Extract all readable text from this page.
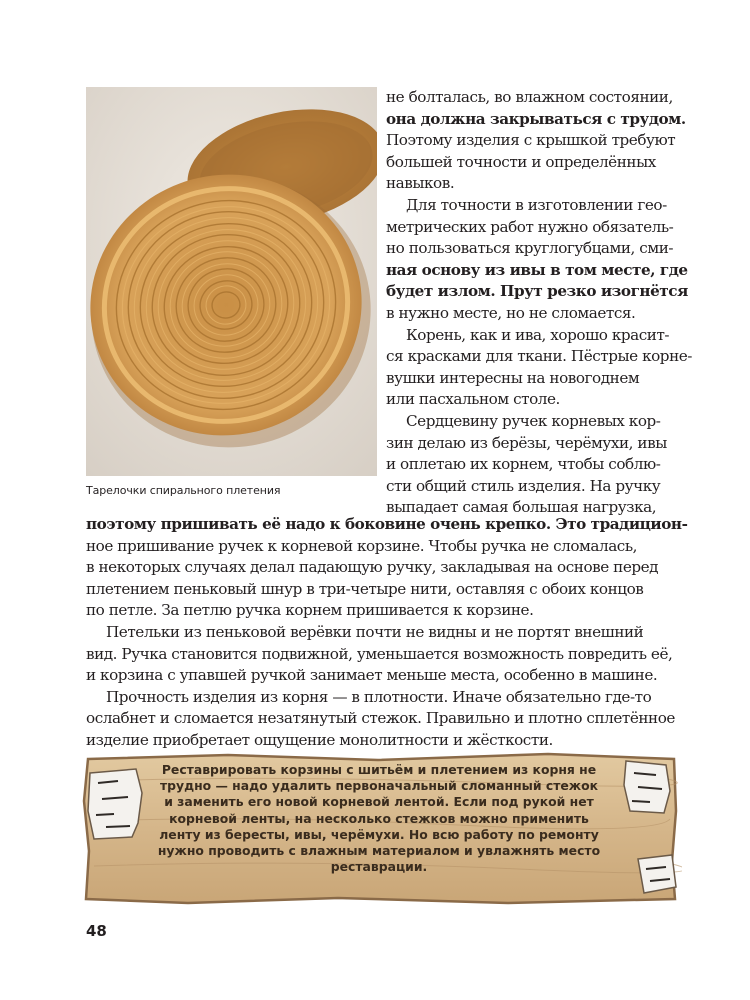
Тарелочки спирального плетения
не болталась, во влажном состоянии,
она должна закрываться с трудом.
Поэтому изделия с крышкой требуют
большей точности и определённых
навыков.
Для точности в изготовлении гео-
метрических работ нужно обязатель-
но пользоваться круглогубцами, сми-
ная основу из ивы в том месте, где
будет излом. Прут резко изогнётся
в нужно месте, но не сломается.
Корень, как и ива, хорошо красит-
ся красками для ткани. Пёстрые корне-
вушки интересны на новогоднем
или пасхальном столе.
Сердцевину ручек корневых кор-
зин делаю из берёзы, черёмухи, ивы
и оплетаю их корнем, чтобы соблю-
сти общий стиль изделия. На ручку
выпадает самая большая нагрузка,
поэтому пришивать её надо к боковине очень крепко. Это традицион-
ное пришивание ручек к корневой корзине. Чтобы ручка не сломалась,
в некоторых случаях делал падающую ручку, закладывая на основе перед
плетением пеньковый шнур в три-четыре нити, оставляя с обоих концов
по петле. За петлю ручка корнем пришивается к корзине.
Петельки из пеньковой верёвки почти не видны и не портят внешний
вид. Ручка становится подвижной, уменьшается возможность повредить её,
и корзина с упавшей ручкой занимает меньше места, особенно в машине.
Прочность изделия из корня — в плотности. Иначе обязательно где-то
ослабнет и сломается незатянутый стежок. Правильно и плотно сплетённое
изделие приобретает ощущение монолитности и жёсткости.
Реставрировать корзины с шитьём и плетением из корня не
трудно — надо удалить первоначальный сломанный стежок
и заменить его новой корневой лентой. Если под рукой нет
корневой ленты, на несколько стежков можно применить
ленту из бересты, ивы, черёмухи. Но всю работу по ремонту
нужно проводить с влажным материалом и увлажнять место
реставрации.
48
